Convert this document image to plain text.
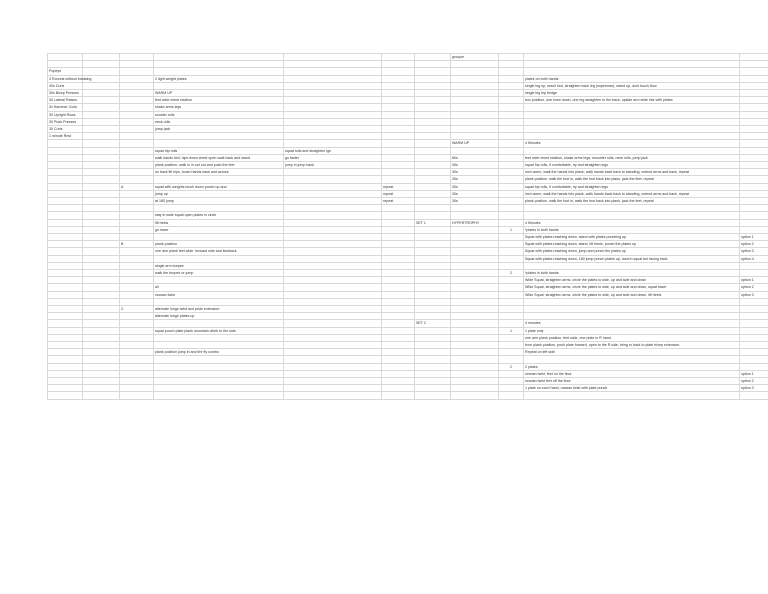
							groupie				

Popeye											
3 Rounds without breaking			2 light weight plates						plates on both hands		
30s Curls									single leg up, reach fwd, straighten back leg (superman), stand up, dont touch floor		
30s Bicep Presses			WARM UP						single leg hip bridge		
30 Lateral Raises			feet wide chest rotation						box position, one knee down, one leg straighten to the back, upside arm wide rise with plates		
3x Hammer Curls			shake arms legs								
30 Upright Rows			soulder rolls								
30 Push Presses			neck rolls								
30 Curls			jump jack								
1 minute Rest											
							WARM UP		4 Minutes		
			squat hip rolls	squat rolls and straighten lgs							
			walk hands fwd, hips down chest open walk back and stand	go faster			60s		feet wide chest rotation, shake arms legs, shoulder rolls, neck rolls, jump jack		
			plank position, walk in in out out and push the feet	jump in jump back			30s		squat hip rolls, if comfortable, try and straighten legs		
			on back lift hips, touch hands back and across				30s		inch worm, walk the hands into plank, walk hands back back to standing, extend arms and back, repeat		
							30s		plank position, walk the foot in, walk the foot back into plank, jack the feet, repeat		
		A	squat with weights touch down punch up and		repeat		30s		squat hip rolls, if comfortable, try and straighten legs		
			jump up		repeat		30s		inch worm, walk the hands into plank, walk hands back back to standing, extend arms and back, repeat		
			at 180 jump		repeat		30s		plank position, walk the foot in, walk the foot back into plank, jack the feet, repeat		

			stay in wide squat open plates in circle								
			lift heels			SET 1	HYPERTROPHY		4 Minutes		
			go lower					1	*plates in both hands		
									Squat with plates reaching down, stand with plates punching up	option 1	
		B	plank position						Squat with plates reaching down, stand, lift heels, punch the plates up	option 2	
			one arm plank feet wide. forward side and kickback						Squat with plates reaching down, jump and punch the plates up	option 3	
									Squat with plates reaching down, 180 jump punch plates up, land in squat but facing back	option 4	
			single arm burpee								
			walk the burpee or jump					2	*plates in both hands		
									Wide Squat, straighten arms, circle the plates to side, up and side and down	option 1	
			all						Wide Squat, straighten arms, circle the plates to side, up and side and down, squat lower	option 2	
			russian twist						Wide Squat, straighten arms, circle the plates to side, up and side and down, lift heels	option 3	

		C	alternate lunge twist and pride extension								
			alternate lunge plates up								
						SET 2			4 minutes		
			squat punch plate plank mountain climb to the side					1	1 plate only		
									one arm plank position, feet wide, one plate in R hand		
									from plank position, push plate forward, open to the R side, bring to back to plate tricep extension		
			plank position jump in and fire fly combo						Repeat on left side		

								2	2 plates		
									russian twist, feet on the floor	option 1	
									russian twist feet off the floor	option 2	
									1 plate on each hand, russian twist with plate punch	option 3	
